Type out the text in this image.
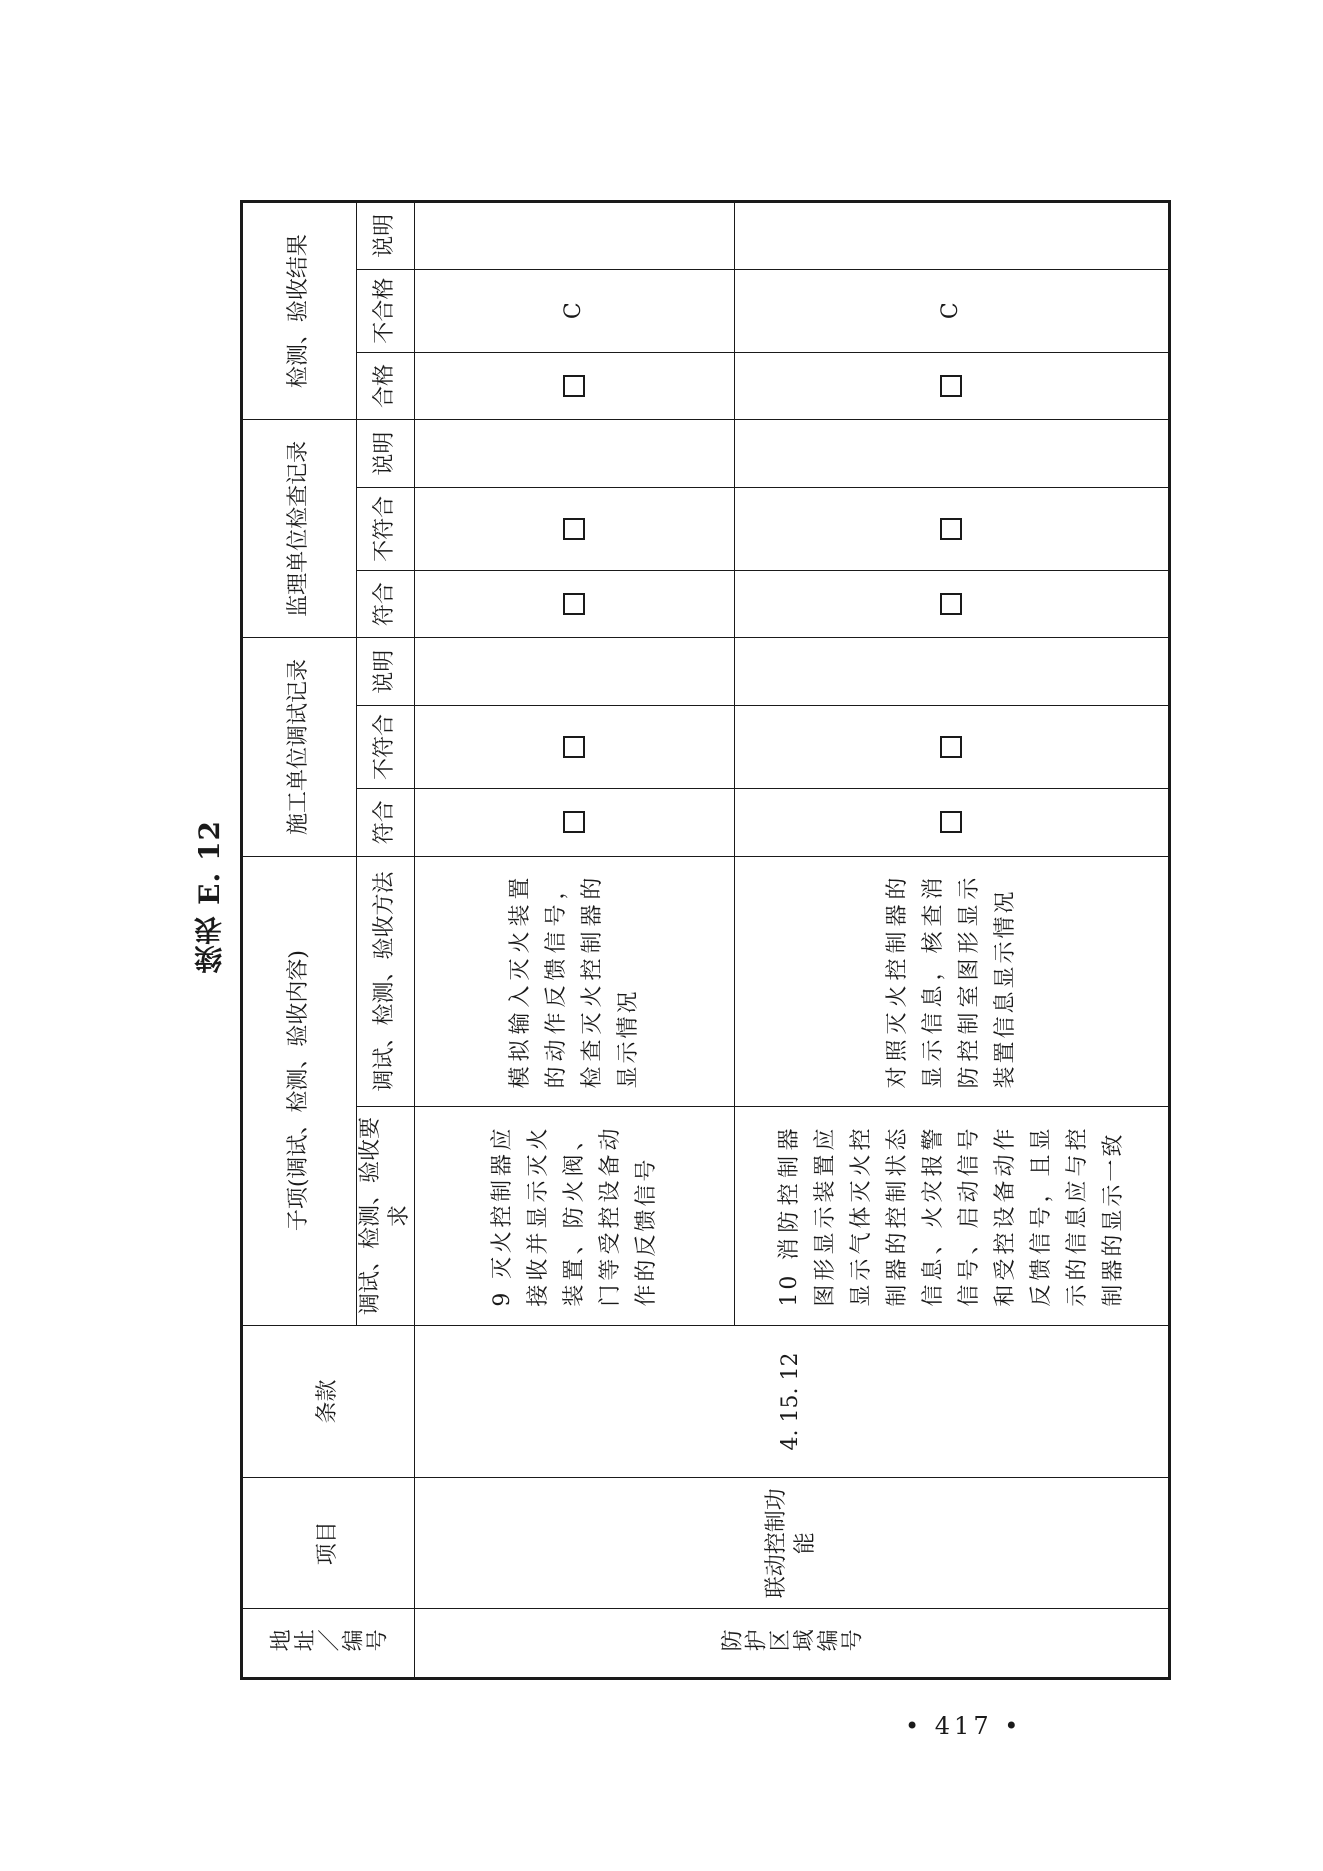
续表 E. 12
地址／编号	项目	条款	子项(调试、检测、验收内容)		施工单位调试记录			监理单位检查记录			检测、验收结果		
			调试、检测、验收要求	调试、检测、验收方法	符合	不符合	说明	符合	不符合	说明	合格	不合格	说明

防护区域编号	联动控制功能	4. 15. 12	9 灭火控制器应接收并显示灭火装置、防火阀、门等受控设备动作的反馈信号	模拟输入灭火装置的动作反馈信号，检查灭火控制器的显示情况								C	

			10 消防控制器图形显示装置应显示气体灭火控制器的控制状态信息、火灾报警信号、启动信号和受控设备动作反馈信号，且显示的信息应与控制器的显示一致	对照灭火控制器的显示信息，核查消防控制室图形显示装置信息显示情况								C	
• 417 •
